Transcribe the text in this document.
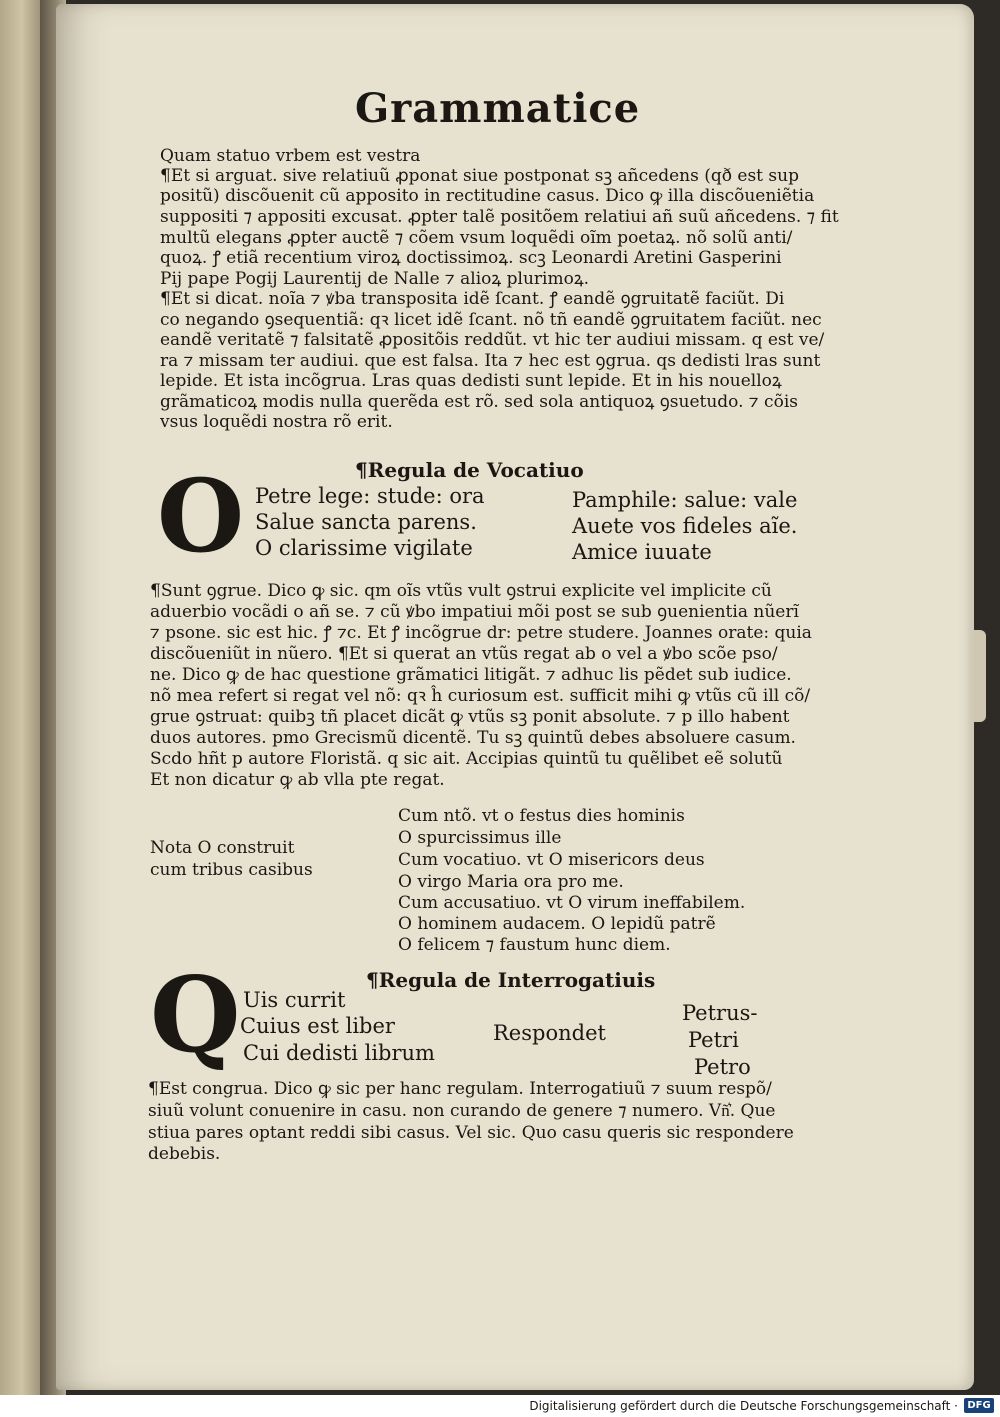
Grammatice
Quam statuo vrbem est vestra
¶Et si arguat. sive relatiuũ ꝓponat siue postponat sꝫ añcedens (qð est sup
positũ) discõuenit cũ apposito in rectitudine casus. Dico ꝙ illa discõueniẽtia
suppositi ⁊ appositi excusat. ꝓpter talẽ positõem relatiui añ suũ añcedens. ⁊ fit
multũ elegans ꝓpter auctẽ ⁊ cõem vsum loquẽdi oĩm poetaꝝ. nõ solũ anti/
quoꝝ. ꝭ etiã recentium viroꝝ doctissimoꝝ. scꝫ Leonardi Aretini Gasperini
Pij pape Pogij Laurentij de Nalle ⁊ alioꝝ plurimoꝝ.
¶Et si dicat. noĩa ⁊ ꝟba transposita idẽ ſcant. ꝭ eandẽ ꝯgruitatẽ faciũt. Di
co negando ꝯsequentiã: qꝛ licet idẽ ſcant. nõ tñ eandẽ ꝯgruitatem faciũt. nec
eandẽ veritatẽ ⁊ falsitatẽ ꝓpositõis reddũt. vt hic ter audiui missam. q est ve/
ra ⁊ missam ter audiui. que est falsa. Ita ⁊ hec est ꝯgrua. qs dedisti lras sunt
lepide. Et ista incõgrua. Lras quas dedisti sunt lepide. Et in his nouelloꝝ
grãmaticoꝝ modis nulla querẽda est rõ. sed sola antiquoꝝ ꝯsuetudo. ⁊ cõis
vsus loquẽdi nostra rõ erit.
¶Regula de Vocatiuo
O Petre lege: stude: ora
Salue sancta parens.
O clarissime vigilate
Pamphile: salue: vale
Auete vos fideles aĩe.
Amice iuuate
¶Sunt ꝯgrue. Dico ꝙ sic. qm oĩs vtũs vult ꝯstrui explicite vel implicite cũ
aduerbio vocãdi o añ se. ⁊ cũ ꝟbo impatiui mõi post se sub ꝯuenientia nũerĩ
⁊ psone. sic est hic. ꝭ ⁊c. Et ꝭ incõgrue dr: petre studere. Joannes orate: quia
discõueniũt in nũero. ¶Et si querat an vtũs regat ab o vel a ꝟbo scõe pso/
ne. Dico ꝙ de hac questione grãmatici litigãt. ⁊ adhuc lis pẽdet sub iudice.
nõ mea refert si regat vel nõ: qꝛ ĥ curiosum est. sufficit mihi ꝙ vtũs cũ ill cõ/
grue ꝯstruat: quibꝫ tñ placet dicãt ꝙ vtũs sꝫ ponit absolute. ⁊ p illo habent
duos autores. pmo Grecismũ dicentẽ. Tu sꝫ quintũ debes absoluere casum.
Scdo hñt p autore Floristã. q sic ait. Accipias quintũ tu quẽlibet eẽ solutũ
Et non dicatur ꝙ ab vlla pte regat.
Nota O construit
cum tribus casibus
Cum ntõ. vt o festus dies hominis
O spurcissimus ille
Cum vocatiuo. vt O misericors deus
O virgo Maria ora pro me.
Cum accusatiuo. vt O virum ineffabilem.
O hominem audacem. O lepidũ patrẽ
O felicem ⁊ faustum hunc diem.
¶Regula de Interrogatiuis
Q Uis currit
Cuius est liber
Cui dedisti librum
Respondet
Petrus-
Petri
Petro
¶Est congrua. Dico ꝙ sic per hanc regulam. Interrogatiuũ ⁊ suum respõ/
siuũ volunt conuenire in casu. non curando de genere ⁊ numero. Vñ͛. Que
stiua pares optant reddi sibi casus. Vel sic. Quo casu queris sic respondere
debebis.
Digitalisierung gefördert durch die Deutsche Forschungsgemeinschaft · DFG
